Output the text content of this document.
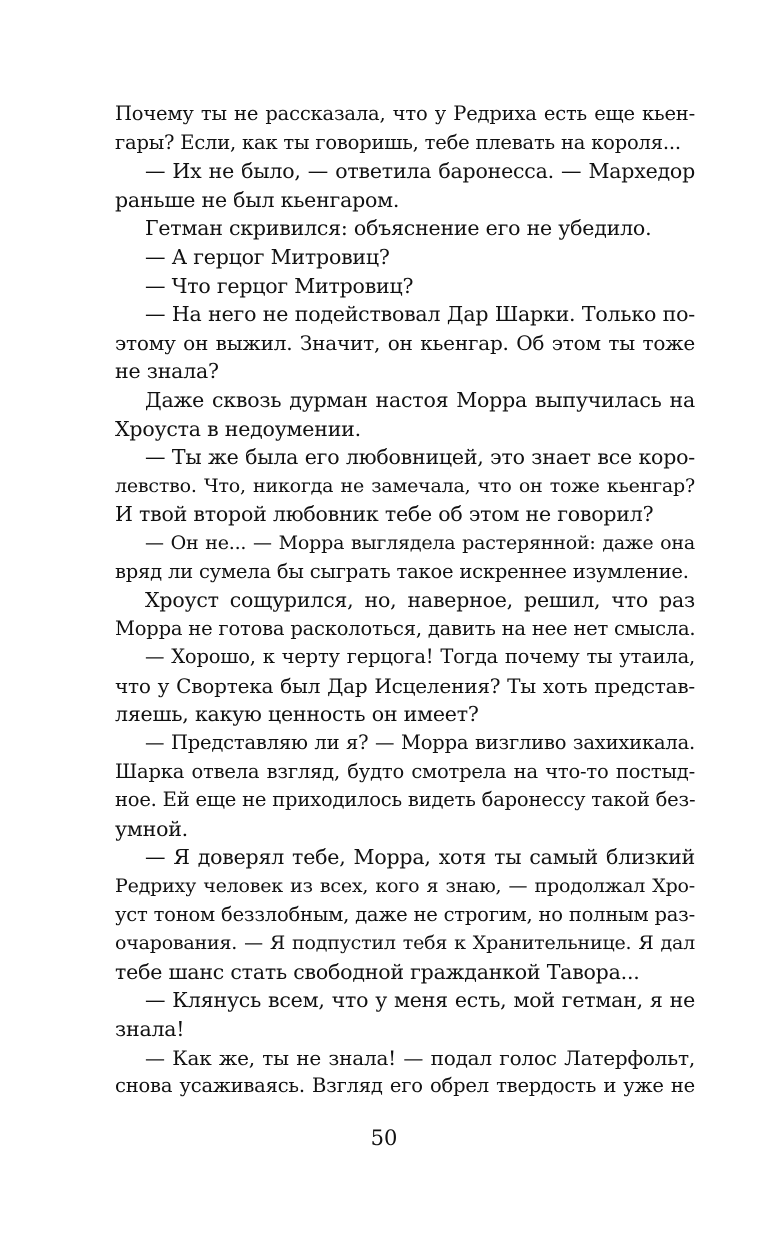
Почему ты не рассказала, что у Редриха есть еще кьен-
гары? Если, как ты говоришь, тебе плевать на короля...
— Их не было, — ответила баронесса. — Мархедор
раньше не был кьенгаром.
Гетман скривился: объяснение его не убедило.
— А герцог Митровиц?
— Что герцог Митровиц?
— На него не подействовал Дар Шарки. Только по-
этому он выжил. Значит, он кьенгар. Об этом ты тоже
не знала?
Даже сквозь дурман настоя Морра выпучилась на
Хроуста в недоумении.
— Ты же была его любовницей, это знает все коро-
левство. Что, никогда не замечала, что он тоже кьенгар?
И твой второй любовник тебе об этом не говорил?
— Он не... — Морра выглядела растерянной: даже она
вряд ли сумела бы сыграть такое искреннее изумление.
Хроуст сощурился, но, наверное, решил, что раз
Морра не готова расколоться, давить на нее нет смысла.
— Хорошо, к черту герцога! Тогда почему ты утаила,
что у Свортека был Дар Исцеления? Ты хоть представ-
ляешь, какую ценность он имеет?
— Представляю ли я? — Морра визгливо захихикала.
Шарка отвела взгляд, будто смотрела на что-то постыд-
ное. Ей еще не приходилось видеть баронессу такой без-
умной.
— Я доверял тебе, Морра, хотя ты самый близкий
Редриху человек из всех, кого я знаю, — продолжал Хро-
уст тоном беззлобным, даже не строгим, но полным раз-
очарования. — Я подпустил тебя к Хранительнице. Я дал
тебе шанс стать свободной гражданкой Тавора...
— Клянусь всем, что у меня есть, мой гетман, я не
знала!
— Как же, ты не знала! — подал голос Латерфольт,
снова усаживаясь. Взгляд его обрел твердость и уже не
50
